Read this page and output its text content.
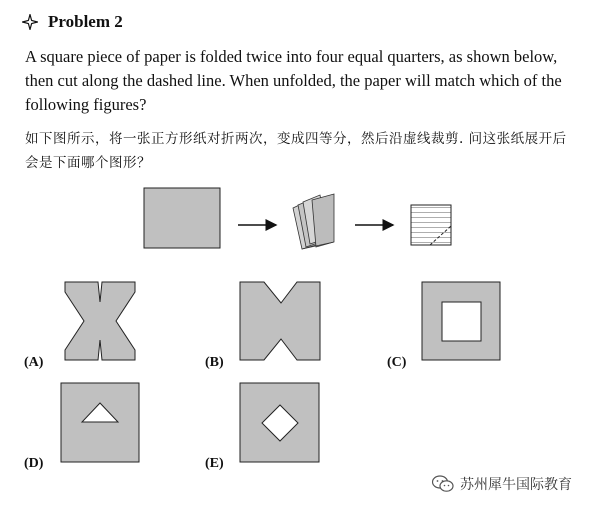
Problem 2
A square piece of paper is folded twice into four equal quarters, as shown below, then cut along the dashed line. When unfolded, the paper will match which of the following figures?
如下图所示，将一张正方形纸对折两次，变成四等分，然后沿虚线裁剪. 问这张纸展开后会是下面哪个图形？
(A)	(B)	(C)
(D)	(E)
苏州犀牛国际教育
